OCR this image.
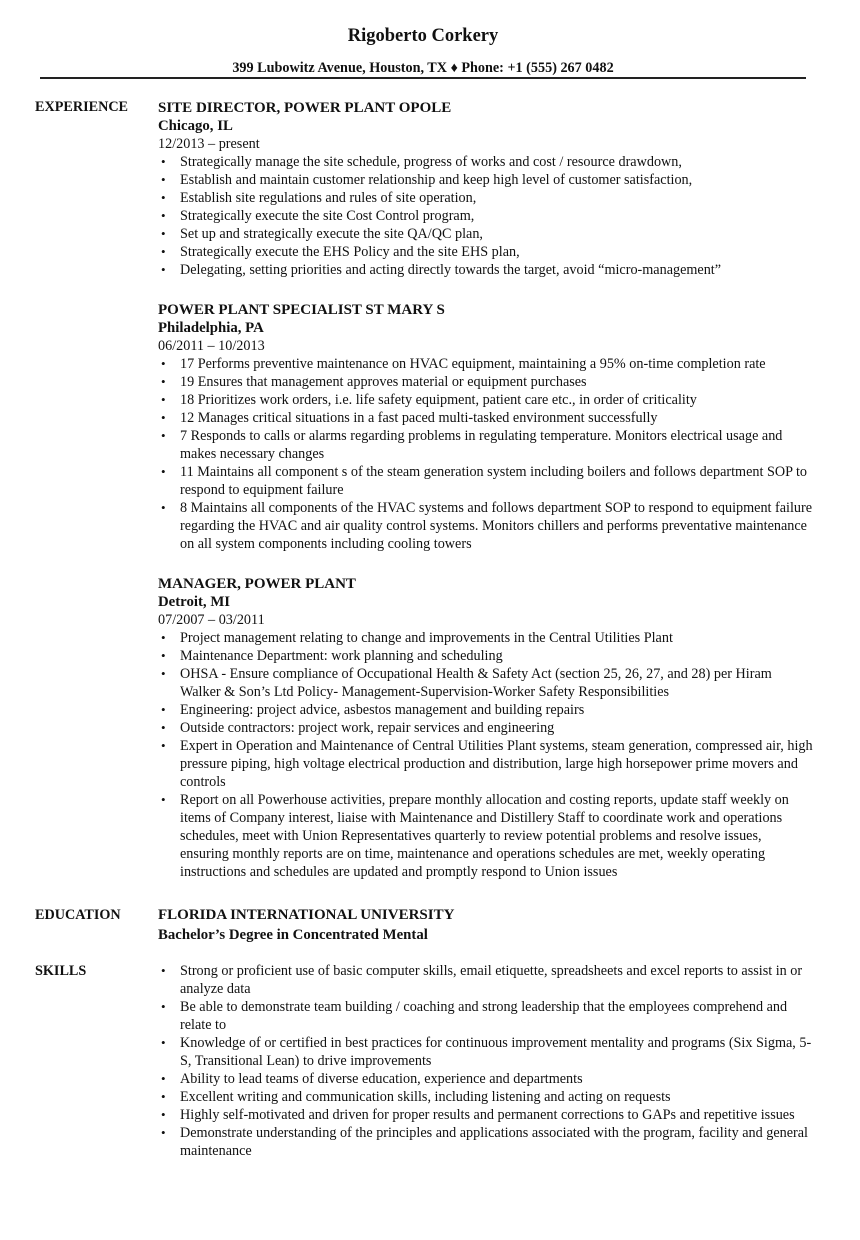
Rigoberto Corkery
399 Lubowitz Avenue, Houston, TX ♦ Phone: +1 (555) 267 0482
EXPERIENCE SITE DIRECTOR, POWER PLANT OPOLE
Chicago, IL
12/2013 – present
• Strategically manage the site schedule, progress of works and cost / resource drawdown,
• Establish and maintain customer relationship and keep high level of customer satisfaction,
• Establish site regulations and rules of site operation,
• Strategically execute the site Cost Control program,
• Set up and strategically execute the site QA/QC plan,
• Strategically execute the EHS Policy and the site EHS plan,
• Delegating, setting priorities and acting directly towards the target, avoid “micro-management”
POWER PLANT SPECIALIST ST MARY S
Philadelphia, PA
06/2011 – 10/2013
• 17 Performs preventive maintenance on HVAC equipment, maintaining a 95% on-time completion rate
• 19 Ensures that management approves material or equipment purchases
• 18 Prioritizes work orders, i.e. life safety equipment, patient care etc., in order of criticality
• 12 Manages critical situations in a fast paced multi-tasked environment successfully
• 7 Responds to calls or alarms regarding problems in regulating temperature. Monitors electrical usage and makes necessary changes
• 11 Maintains all component s of the steam generation system including boilers and follows department SOP to respond to equipment failure
• 8 Maintains all components of the HVAC systems and follows department SOP to respond to equipment failure regarding the HVAC and air quality control systems. Monitors chillers and performs preventative maintenance on all system components including cooling towers
MANAGER, POWER PLANT
Detroit, MI
07/2007 – 03/2011
• Project management relating to change and improvements in the Central Utilities Plant
• Maintenance Department: work planning and scheduling
• OHSA - Ensure compliance of Occupational Health & Safety Act (section 25, 26, 27, and 28) per Hiram Walker & Son’s Ltd Policy- Management-Supervision-Worker Safety Responsibilities
• Engineering: project advice, asbestos management and building repairs
• Outside contractors: project work, repair services and engineering
• Expert in Operation and Maintenance of Central Utilities Plant systems, steam generation, compressed air, high pressure piping, high voltage electrical production and distribution, large high horsepower prime movers and controls
• Report on all Powerhouse activities, prepare monthly allocation and costing reports, update staff weekly on items of Company interest, liaise with Maintenance and Distillery Staff to coordinate work and operations schedules, meet with Union Representatives quarterly to review potential problems and resolve issues, ensuring monthly reports are on time, maintenance and operations schedules are met, weekly operating instructions and schedules are updated and promptly respond to Union issues
EDUCATION FLORIDA INTERNATIONAL UNIVERSITY
Bachelor’s Degree in Concentrated Mental
SKILLS	• Strong or proficient use of basic computer skills, email etiquette, spreadsheets and excel reports to assist in or analyze data
• Be able to demonstrate team building / coaching and strong leadership that the employees comprehend and relate to
• Knowledge of or certified in best practices for continuous improvement mentality and programs (Six Sigma, 5-S, Transitional Lean) to drive improvements
• Ability to lead teams of diverse education, experience and departments
• Excellent writing and communication skills, including listening and acting on requests
• Highly self-motivated and driven for proper results and permanent corrections to GAPs and repetitive issues
• Demonstrate understanding of the principles and applications associated with the program, facility and general maintenance
